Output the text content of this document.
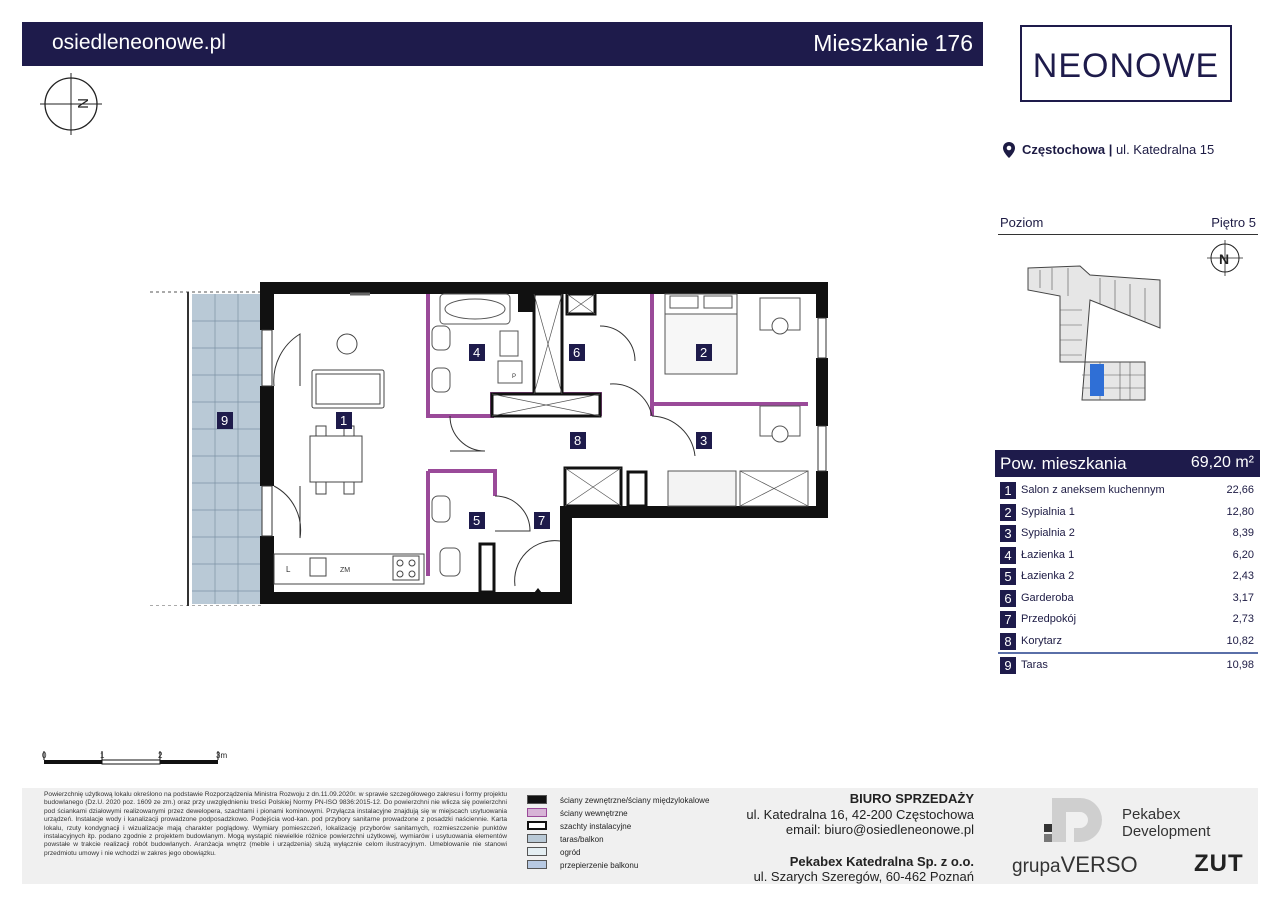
osiedleneonowe.pl	Mieszkanie 176
NEONOWE
N
Częstochowa | ul. Katedralna 15
Poziom	Piętro 5
N
Pow. mieszkania	69,20 m²
1 Salon z aneksem kuchennym	22,66
2 Sypialnia 1	12,80
3 Sypialnia 2	8,39
4 Łazienka 1	6,20
5 Łazienka 2	2,43
6 Garderoba	3,17
7 Przedpokój	2,73
8 Korytarz	10,82
9 Taras	10,98
L	ZM
P
1
2
3
4
5
6
7
8
9
0	1	2	3m
Powierzchnię użytkową lokalu określono na podstawie Rozporządzenia Ministra Rozwoju z dn.11.09.2020r. w sprawie szczegółowego zakresu i formy projektu budowlanego (Dz.U. 2020 poz. 1609 ze zm.) oraz przy uwzględnieniu treści Polskiej Normy PN-ISO 9836:2015-12. Do powierzchni nie wlicza się powierzchni pod ściankami działowymi realizowanymi przez dewelopera, szachtami i pionami kominowymi. Przyłącza instalacyjne znajdują się w miejscach usytuowania urządzeń. Instalacje wody i kanalizacji prowadzone podposadzkowo. Podejścia wod-kan. pod przybory sanitarne prowadzone z posadzki naściennie. Karta lokalu, rzuty kondygnacji i wizualizacje mają charakter poglądowy. Wymiary pomieszczeń, lokalizację przyborów sanitarnych, rozmieszczenie punktów instalacyjnych itp. podano zgodnie z projektem budowlanym. Mogą wystąpić niewielkie różnice powierzchni użytkowej, wymiarów i usytuowania elementów powstałe w trakcie realizacji robót budowlanych. Aranżacja wnętrz (meble i urządzenia) służą wyłącznie celom ilustracyjnym. Umeblowanie nie stanowi przedmiotu umowy i nie wchodzi w zakres jego obowiązku.
ściany zewnętrzne/ściany międzylokalowe
ściany wewnętrzne
szachty instalacyjne
taras/balkon
ogród
przepierzenie balkonu
BIURO SPRZEDAŻY
ul. Katedralna 16, 42-200 Częstochowa
email: biuro@osiedleneonowe.pl
Pekabex Katedralna Sp. z o.o.
ul. Szarych Szeregów, 60-462 Poznań
Pekabex
Development
grupaVERSO ZUT
